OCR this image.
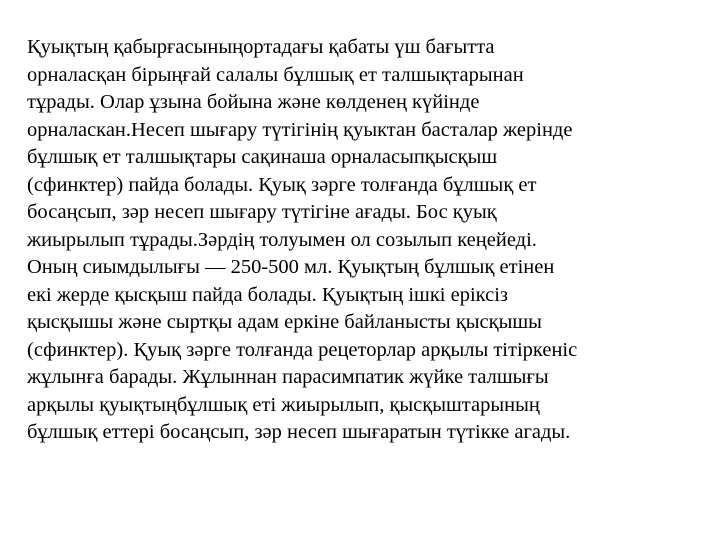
Қуықтың қабырғасыныңортадағы қабаты үш бағытта
орналасқан бірыңғай салалы бұлшық ет талшықтарынан
тұрады. Олар ұзына бойына және көлденең күйінде
орналаскан.Несеп шығару түтігінің қуыктан басталар жерінде
бұлшық ет талшықтары сақинаша орналасыпқысқыш
(сфинктер) пайда болады. Қуық зәрге толғанда бұлшық ет
босаңсып, зәр несеп шығару түтігіне ағады. Бос қуық
жиырылып тұрады.Зәрдің толуымен ол созылып кеңейеді.
Оның сиымдылығы — 250-500 мл. Қуықтың бұлшық етінен
екі жерде қысқыш пайда болады. Қуықтың ішкі еріксіз
қысқышы және сыртқы адам еркіне байланысты қысқышы
(сфинктер). Қуық зәрге толғанда рецеторлар арқылы тітіркеніс
жұлынға барады. Жұлыннан парасимпатик жүйке талшығы
арқылы қуықтыңбұлшық еті жиырылып, қысқыштарының
бұлшық еттері босаңсып, зәр несеп шығаратын түтікке агады.
